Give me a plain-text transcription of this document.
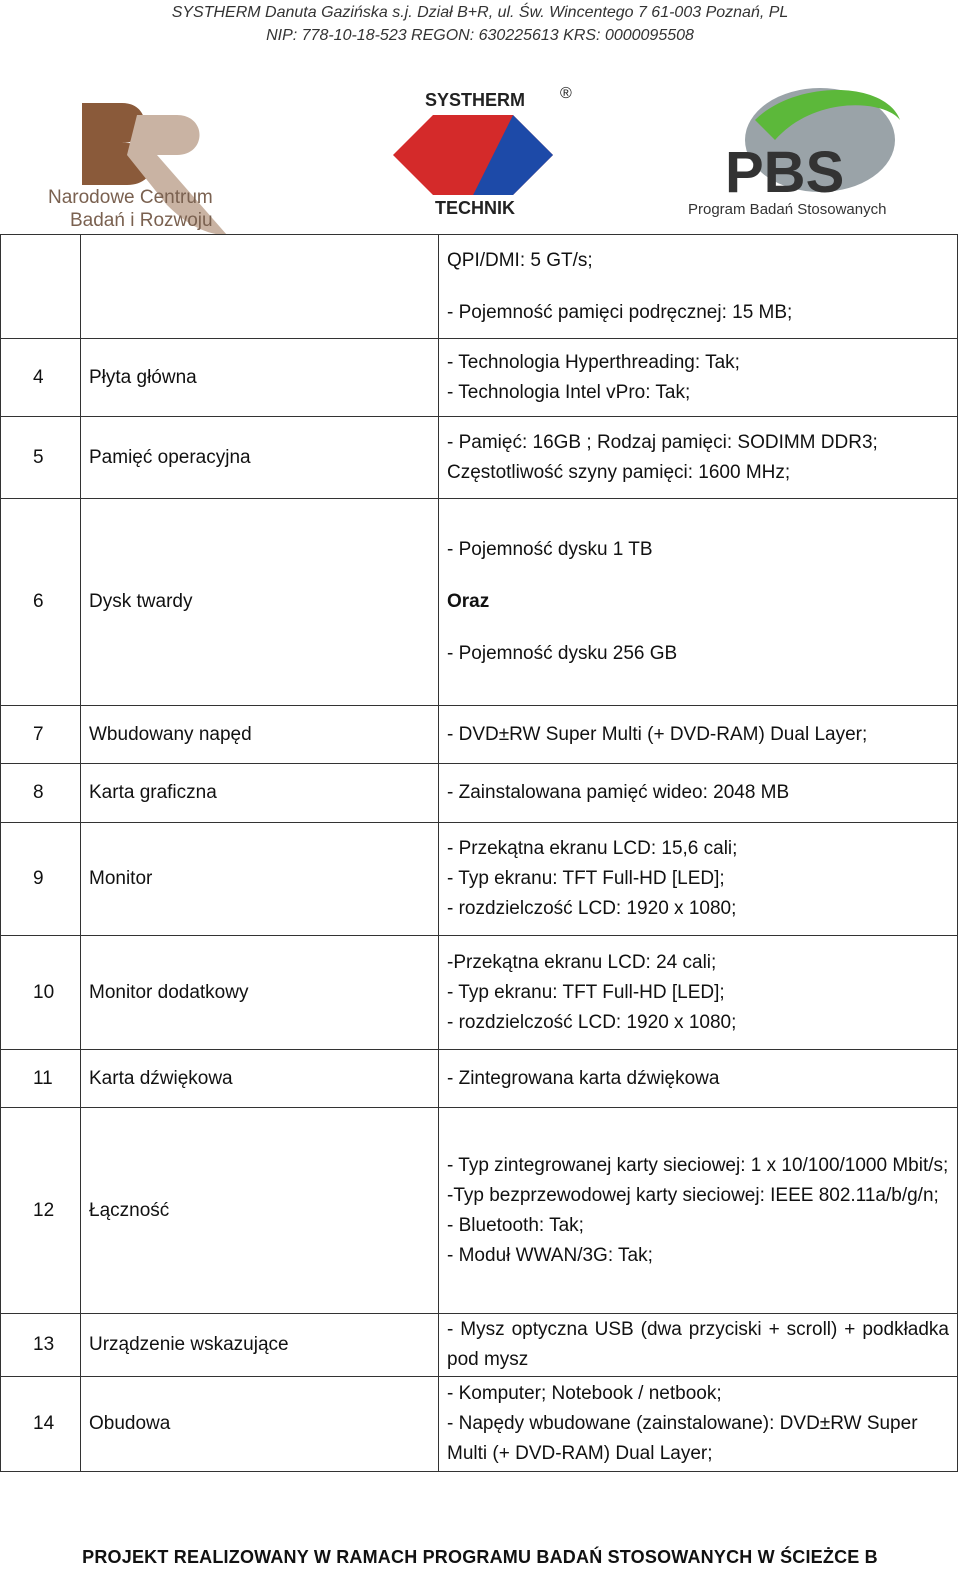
SYSTHERM Danuta Gazińska s.j. Dział B+R, ul. Św. Wincentego 7 61-003 Poznań, PL
NIP: 778-10-18-523 REGON: 630225613 KRS: 0000095508
Narodowe Centrum
Badań i Rozwoju
SYSTHERM ®
TECHNIK
PBS
Program Badań Stosowanych

		QPI/DMI: 5 GT/s;
- Pojemność pamięci podręcznej: 15 MB;

4	Płyta główna	- Technologia Hyperthreading: Tak;
- Technologia Intel vPro: Tak;

5	Pamięć operacyjna	- Pamięć: 16GB ; Rodzaj pamięci: SODIMM DDR3; Częstotliwość szyny pamięci: 1600 MHz;

6	Dysk twardy	- Pojemność dysku 1 TB
Oraz
- Pojemność dysku 256 GB

7	Wbudowany napęd	- DVD±RW Super Multi (+ DVD-RAM) Dual Layer;

8	Karta graficzna	- Zainstalowana pamięć wideo: 2048 MB

9	Monitor	- Przekątna ekranu LCD: 15,6 cali;
- Typ ekranu: TFT Full-HD [LED];
- rozdzielczość LCD: 1920 x 1080;

10	Monitor dodatkowy	-Przekątna ekranu LCD: 24 cali;
- Typ ekranu: TFT Full-HD [LED];
- rozdzielczość LCD: 1920 x 1080;

11	Karta dźwiękowa	- Zintegrowana karta dźwiękowa

12	Łączność	- Typ zintegrowanej karty sieciowej: 1 x 10/100/1000 Mbit/s;
-Typ bezprzewodowej karty sieciowej: IEEE 802.11a/b/g/n;
- Bluetooth: Tak;
- Moduł WWAN/3G: Tak;

13	Urządzenie wskazujące	- Mysz optyczna USB (dwa przyciski + scroll) + podkładka pod mysz

14	Obudowa	- Komputer; Notebook / netbook;
- Napędy wbudowane (zainstalowane): DVD±RW Super Multi (+ DVD-RAM) Dual Layer;
PROJEKT REALIZOWANY W RAMACH PROGRAMU BADAŃ STOSOWANYCH W ŚCIEŻCE B
